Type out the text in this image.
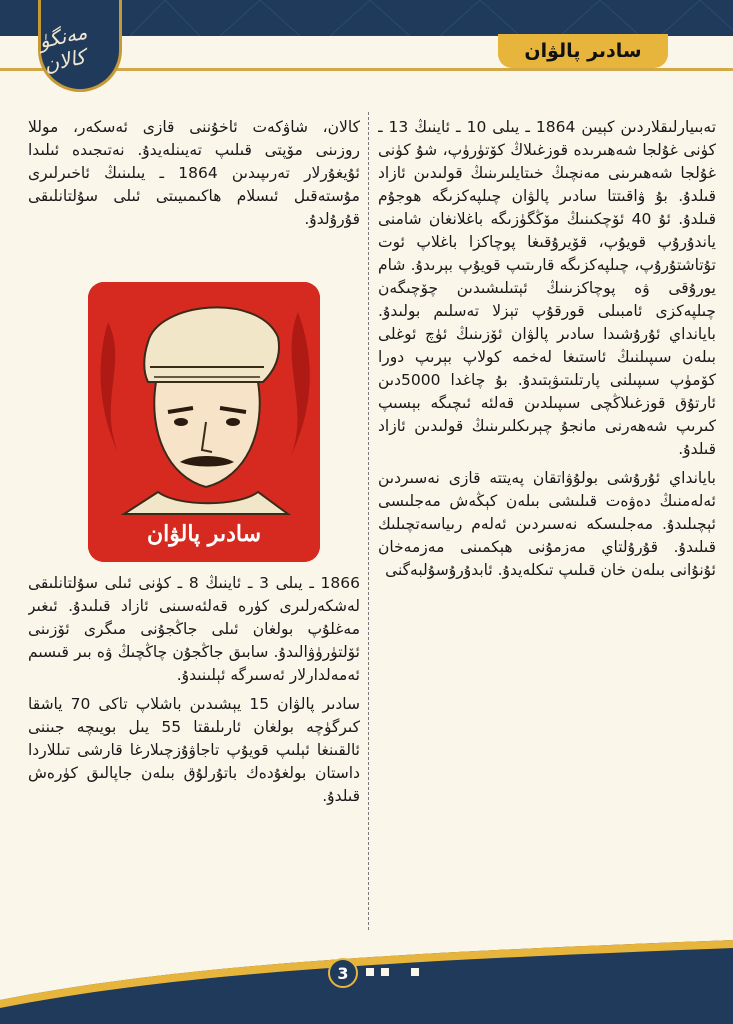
مەنگۈ كالان	سادىر پالۋان

تەبىيارلىقلاردىن كېيىن 1864 ـ يىلى 10 ـ ئاينىڭ 13 ـ كۈنى غۇلجا شەھىرىدە قوزغىلاڭ كۆتۈرۈپ، شۇ كۈنى غۇلجا شەھىرىنى مەنچىڭ خىتايلىرىنىڭ قولىدىن ئازاد قىلدۇ. بۇ ۋاقىتتا سادىر پالۋان چىلپەكزىگە ھوجۇم قىلدۇ. ئۇ 40 ئۆچكىنىڭ مۆڭگۈزىگە باغلانغان شامنى ياندۇرۇپ قويۇپ، قۆيرۇقىغا پوچاكزا باغلاپ ئوت تۇتاشتۇرۇپ، چىلپەكزىگە قارىتىپ قويۇپ بېرىدۇ. شام يورۇقى ۋە پوچاكزىنىڭ ئېتىلىشىدىن چۆچىگەن چىلپەكزى ئامبىلى قورقۇپ تېزلا تەسلىم بولىدۇ. بايانداي ئۇرۇشىدا سادىر پالۋان ئۆزىنىڭ ئۈچ ئوغلى بىلەن سىپىلنىڭ ئاستىغا لەخمە كولاپ بېرىپ دورا كۆمۈپ سىپىلنى پارتلىتىۋېتىدۇ. بۇ چاغدا 5000دىن ئارتۇق قوزغىلاڭچى سىپىلدىن قەلئە ئىچىگە بېسىپ كىرىپ شەھەرنى مانجۇ چېرىكلىرىنىڭ قولىدىن ئازاد قىلدۇ.

بايانداي ئۇرۇشى بولۇۋاتقان پەيتتە قازى نەسىردىن ئەلەمنىڭ دەۋەت قىلىشى بىلەن كېڭەش مەجلىسى ئېچىلىدۇ. مەجلىسكە نەسىردىن ئەلەم رىياسەتچىلىك قىلىدۇ. قۇرۇلتاي مەزمۇنى ھېكمىنى مەزمەخان ئۇنۇانى بىلەن خان قىلىپ تىكلەيدۇ. ئابدۇرۇسۇلبەگنى

كالان، شاۋكەت ئاخۇننى قازى ئەسكەر، موللا روزىنى مۆپتى قىلىپ تەيىنلەيدۇ. نەتىجىدە ئىلىدا ئۇيغۇرلار تەرىپىدىن 1864 ـ يىلىنىڭ ئاخىرلىرى مۇستەقىل ئىسلام ھاكىمىيىتى ئىلى سۇلتانلىقى قۇرۇلدۇ.

سادىر پالۋان

1866 ـ يىلى 3 ـ ئاينىڭ 8 ـ كۈنى ئىلى سۇلتانلىقى لەشكەرلىرى كۈرە قەلئەسىنى ئازاد قىلىدۇ. ئىغىر مەغلۇپ بولغان ئىلى جاڭجۇنى مىگرى ئۆزىنى ئۆلتۈرۈۋالىدۇ. سابىق جاڭجۇن چاڭچىڭ ۋە بىر قىسىم ئەمەلدارلار ئەسىرگە ئېلىنىدۇ.

سادىر پالۋان 15 يېشىدىن باشلاپ تاكى 70 ياشقا كىرگۈچە بولغان ئارىلىقتا 55 يىل بويىچە جىننى ئالقىنغا ئېلىپ قويۇپ تاجاۋۇزچىلارغا قارشى تىللاردا داستان بولغۇدەك باتۇرلۇق بىلەن جاپالىق كۈرەش قىلدۇ.

3
